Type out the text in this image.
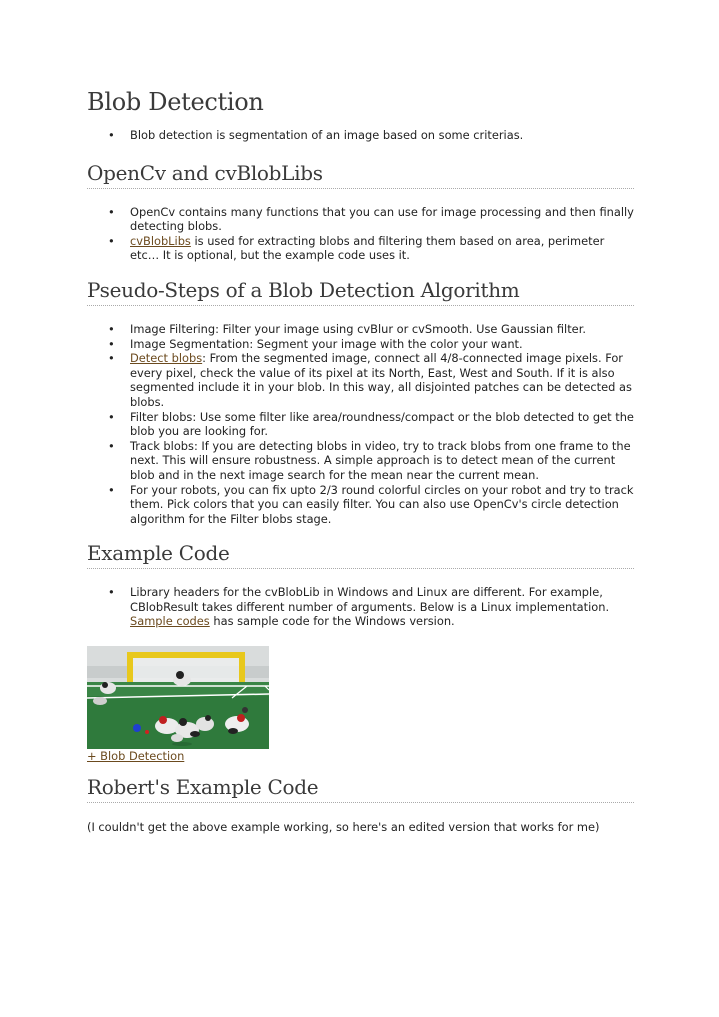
Blob Detection
• Blob detection is segmentation of an image based on some criterias.
OpenCv and cvBlobLibs
• OpenCv contains many functions that you can use for image processing and then finally detecting blobs.
• cvBlobLibs is used for extracting blobs and filtering them based on area, perimeter etc… It is optional, but the example code uses it.
Pseudo-Steps of a Blob Detection Algorithm
• Image Filtering: Filter your image using cvBlur or cvSmooth. Use Gaussian filter.
• Image Segmentation: Segment your image with the color your want.
• Detect blobs: From the segmented image, connect all 4/8-connected image pixels. For every pixel, check the value of its pixel at its North, East, West and South. If it is also segmented include it in your blob. In this way, all disjointed patches can be detected as blobs.
• Filter blobs: Use some filter like area/roundness/compact or the blob detected to get the blob you are looking for.
• Track blobs: If you are detecting blobs in video, try to track blobs from one frame to the next. This will ensure robustness. A simple approach is to detect mean of the current blob and in the next image search for the mean near the current mean.
• For your robots, you can fix upto 2/3 round colorful circles on your robot and try to track them. Pick colors that you can easily filter. You can also use OpenCv's circle detection algorithm for the Filter blobs stage.
Example Code
• Library headers for the cvBlobLib in Windows and Linux are different. For example, CBlobResult takes different number of arguments. Below is a Linux implementation. Sample codes has sample code for the Windows version.
+ Blob Detection
Robert's Example Code

(I couldn't get the above example working, so here's an edited version that works for me)
